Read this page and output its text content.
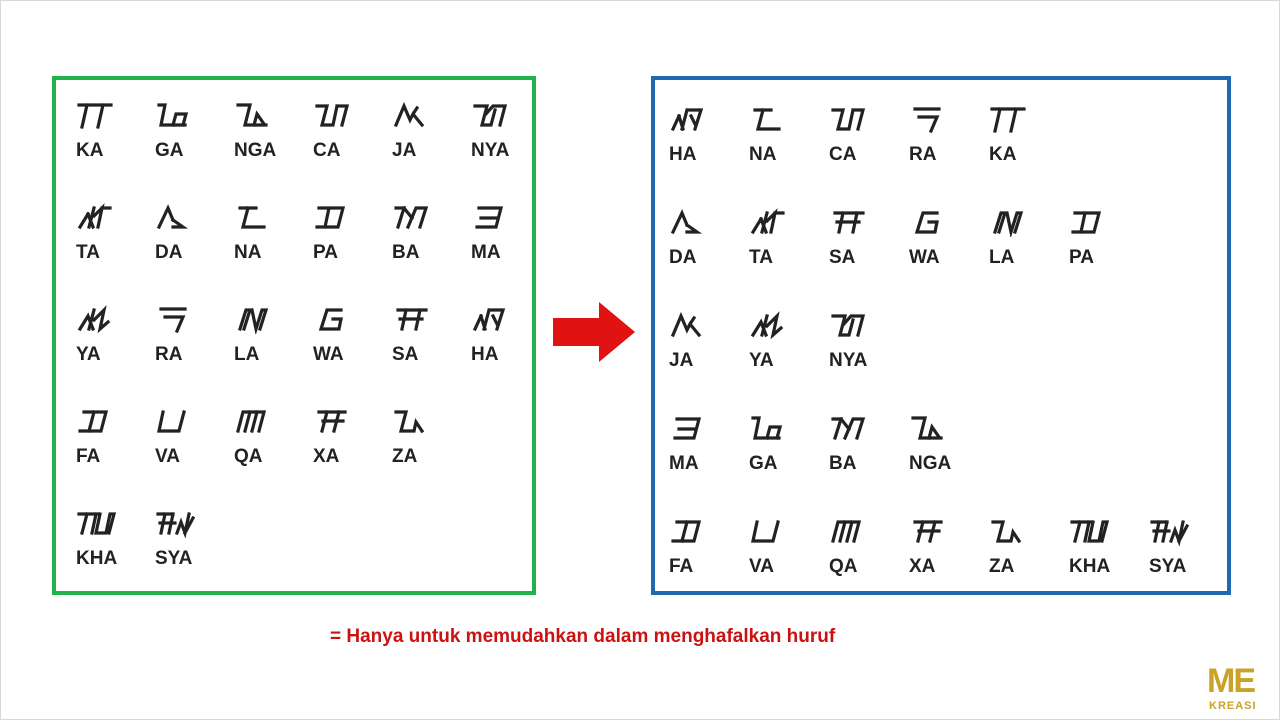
KA	GA	NGA	CA	JA	NYA
TA	DA	NA	PA	BA	MA
YA	RA	LA	WA	SA	HA
FA	VA	QA	XA	ZA
KHA	SYA
HA	NA	CA	RA	KA
DA	TA	SA	WA	LA	PA
JA	YA	NYA
MA	GA	BA	NGA
FA	VA	QA	XA	ZA	KHA	SYA
= Hanya untuk memudahkan dalam menghafalkan huruf
ME
KREASI
